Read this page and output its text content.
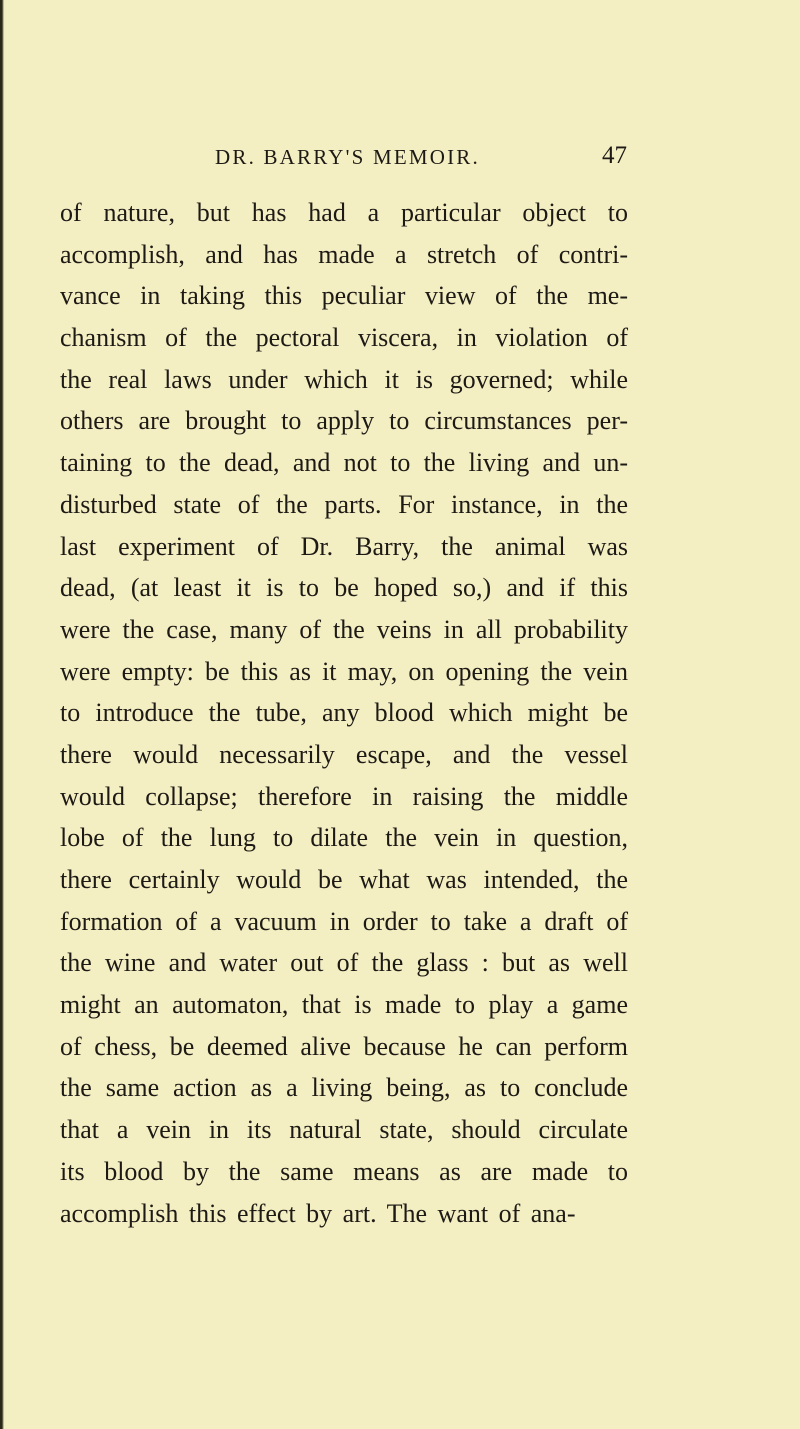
DR. BARRY'S MEMOIR.	47
of nature, but has had a particular object to
accomplish, and has made a stretch of contri-
vance in taking this peculiar view of the me-
chanism of the pectoral viscera, in violation of
the real laws under which it is governed; while
others are brought to apply to circumstances per-
taining to the dead, and not to the living and un-
disturbed state of the parts. For instance, in the
last experiment of Dr. Barry, the animal was
dead, (at least it is to be hoped so,) and if this
were the case, many of the veins in all probability
were empty: be this as it may, on opening the vein
to introduce the tube, any blood which might be
there would necessarily escape, and the vessel
would collapse; therefore in raising the middle
lobe of the lung to dilate the vein in question,
there certainly would be what was intended, the
formation of a vacuum in order to take a draft of
the wine and water out of the glass : but as well
might an automaton, that is made to play a game
of chess, be deemed alive because he can perform
the same action as a living being, as to conclude
that a vein in its natural state, should circulate
its blood by the same means as are made to
accomplish this effect by art. The want of ana-
